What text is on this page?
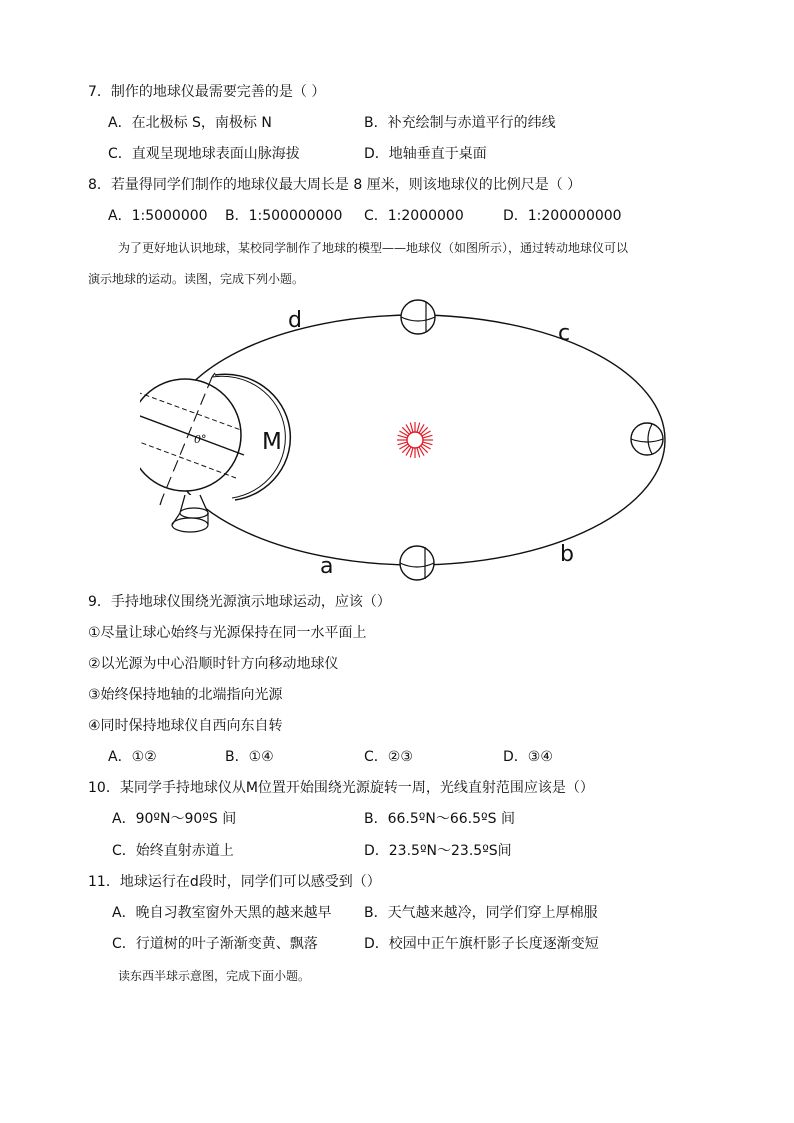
7．制作的地球仪最需要完善的是（ ）
A．在北极标 S，南极标 N	B．补充绘制与赤道平行的纬线
C．直观呈现地球表面山脉海拔	D．地轴垂直于桌面
8．若量得同学们制作的地球仪最大周长是 8 厘米，则该地球仪的比例尺是（ ）
A．1:5000000 B．1:500000000 C．1:2000000	D．1:200000000
为了更好地认识地球，某校同学制作了地球的模型——地球仪（如图所示），通过转动地球仪可以
演示地球的运动。读图，完成下列小题。
d
c
a	b
M
0°
9．手持地球仪围绕光源演示地球运动，应该（）
①尽量让球心始终与光源保持在同一水平面上
②以光源为中心沿顺时针方向移动地球仪
③始终保持地轴的北端指向光源
④同时保持地球仪自西向东自转
A．①②	B．①④	C．②③	D．③④
10．某同学手持地球仪从M位置开始围绕光源旋转一周，光线直射范围应该是（）
A．90ºN～90ºS 间	B．66.5ºN～66.5ºS 间
C．始终直射赤道上	D．23.5ºN～23.5ºS间
11．地球运行在d段时，同学们可以感受到（）
A．晚自习教室窗外天黑的越来越早 B．天气越来越冷，同学们穿上厚棉服
C．行道树的叶子渐渐变黄、飘落	D．校园中正午旗杆影子长度逐渐变短
读东西半球示意图，完成下面小题。
